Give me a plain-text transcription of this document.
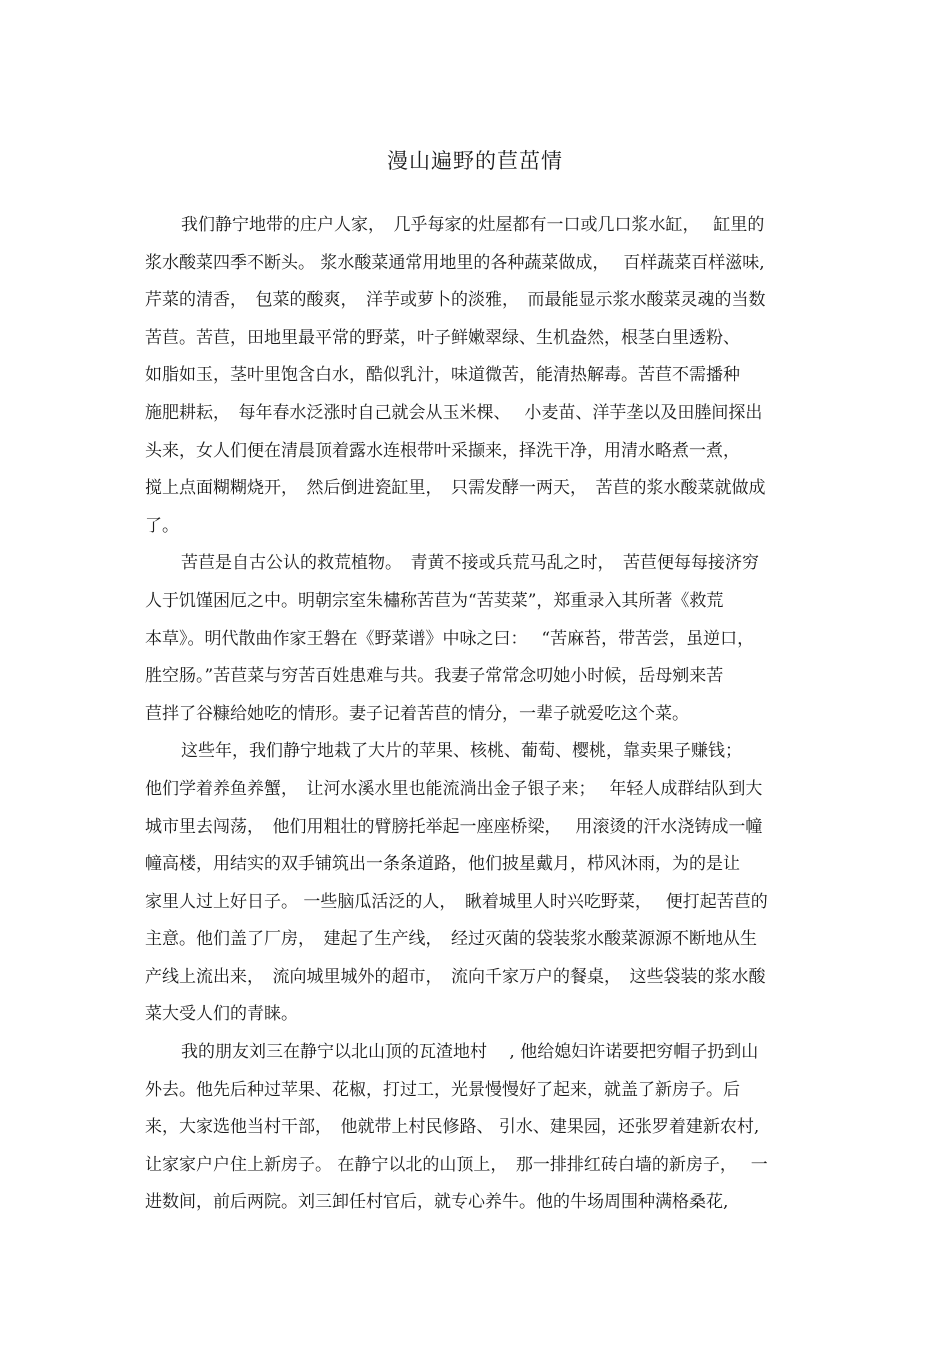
漫山遍野的苣茁情
我们静宁地带的庄户人家，　几乎每家的灶屋都有一口或几口浆水缸，　 缸里的
浆水酸菜四季不断头。 浆水酸菜通常用地里的各种蔬菜做成，　 百样蔬菜百样滋味,
芹菜的清香，　包菜的酸爽，　洋芋或萝卜的淡雅，　而最能显示浆水酸菜灵魂的当数
苦苣。苦苣，田地里最平常的野菜，叶子鲜嫩翠绿、生机盎然，根茎白里透粉、
如脂如玉，茎叶里饱含白水，酷似乳汁，味道微苦，能清热解毒。苦苣不需播种
施肥耕耘，　每年春水泛涨时自己就会从玉米棵、　 小麦苗、洋芋垄以及田塍间探出
头来，女人们便在清晨顶着露水连根带叶采撷来，择洗干净，用清水略煮一煮，
搅上点面糊糊烧开，　然后倒进瓷缸里，　只需发酵一两天，　苦苣的浆水酸菜就做成
了。
苦苣是自古公认的救荒植物。　青黄不接或兵荒马乱之时，　苦苣便每每接济穷
人于饥馑困厄之中。明朝宗室朱橚称苦苣为“苦荬菜”，郑重录入其所著《救荒
本草》。明代散曲作家王磐在《野菜谱》中咏之曰：　 “苦麻苔，带苦尝，虽逆口，
胜空肠。”苦苣菜与穷苦百姓患难与共。我妻子常常念叨她小时候，岳母剜来苦
苣拌了谷糠给她吃的情形。妻子记着苦苣的情分，一辈子就爱吃这个菜。
这些年，我们静宁地栽了大片的苹果、核桃、葡萄、樱桃，靠卖果子赚钱；
他们学着养鱼养蟹，　让河水溪水里也能流淌出金子银子来；　 年轻人成群结队到大
城市里去闯荡，　他们用粗壮的臂膀托举起一座座桥梁，　 用滚烫的汗水浇铸成一幢
幢高楼，用结实的双手铺筑出一条条道路，他们披星戴月，栉风沐雨，为的是让
家里人过上好日子。 一些脑瓜活泛的人，　瞅着城里人时兴吃野菜，　 便打起苦苣的
主意。他们盖了厂房，　建起了生产线，　经过灭菌的袋装浆水酸菜源源不断地从生
产线上流出来，　流向城里城外的超市，　流向千家万户的餐桌，　这些袋装的浆水酸
菜大受人们的青睐。
我的朋友刘三在静宁以北山顶的瓦渣地村　 , 他给媳妇许诺要把穷帽子扔到山
外去。他先后种过苹果、花椒，打过工，光景慢慢好了起来，就盖了新房子。后
来，大家选他当村干部，　他就带上村民修路、 引水、建果园，还张罗着建新农村,
让家家户户住上新房子。 在静宁以北的山顶上，　那一排排红砖白墙的新房子，　 一
进数间，前后两院。刘三卸任村官后，就专心养牛。他的牛场周围种满格桑花,
